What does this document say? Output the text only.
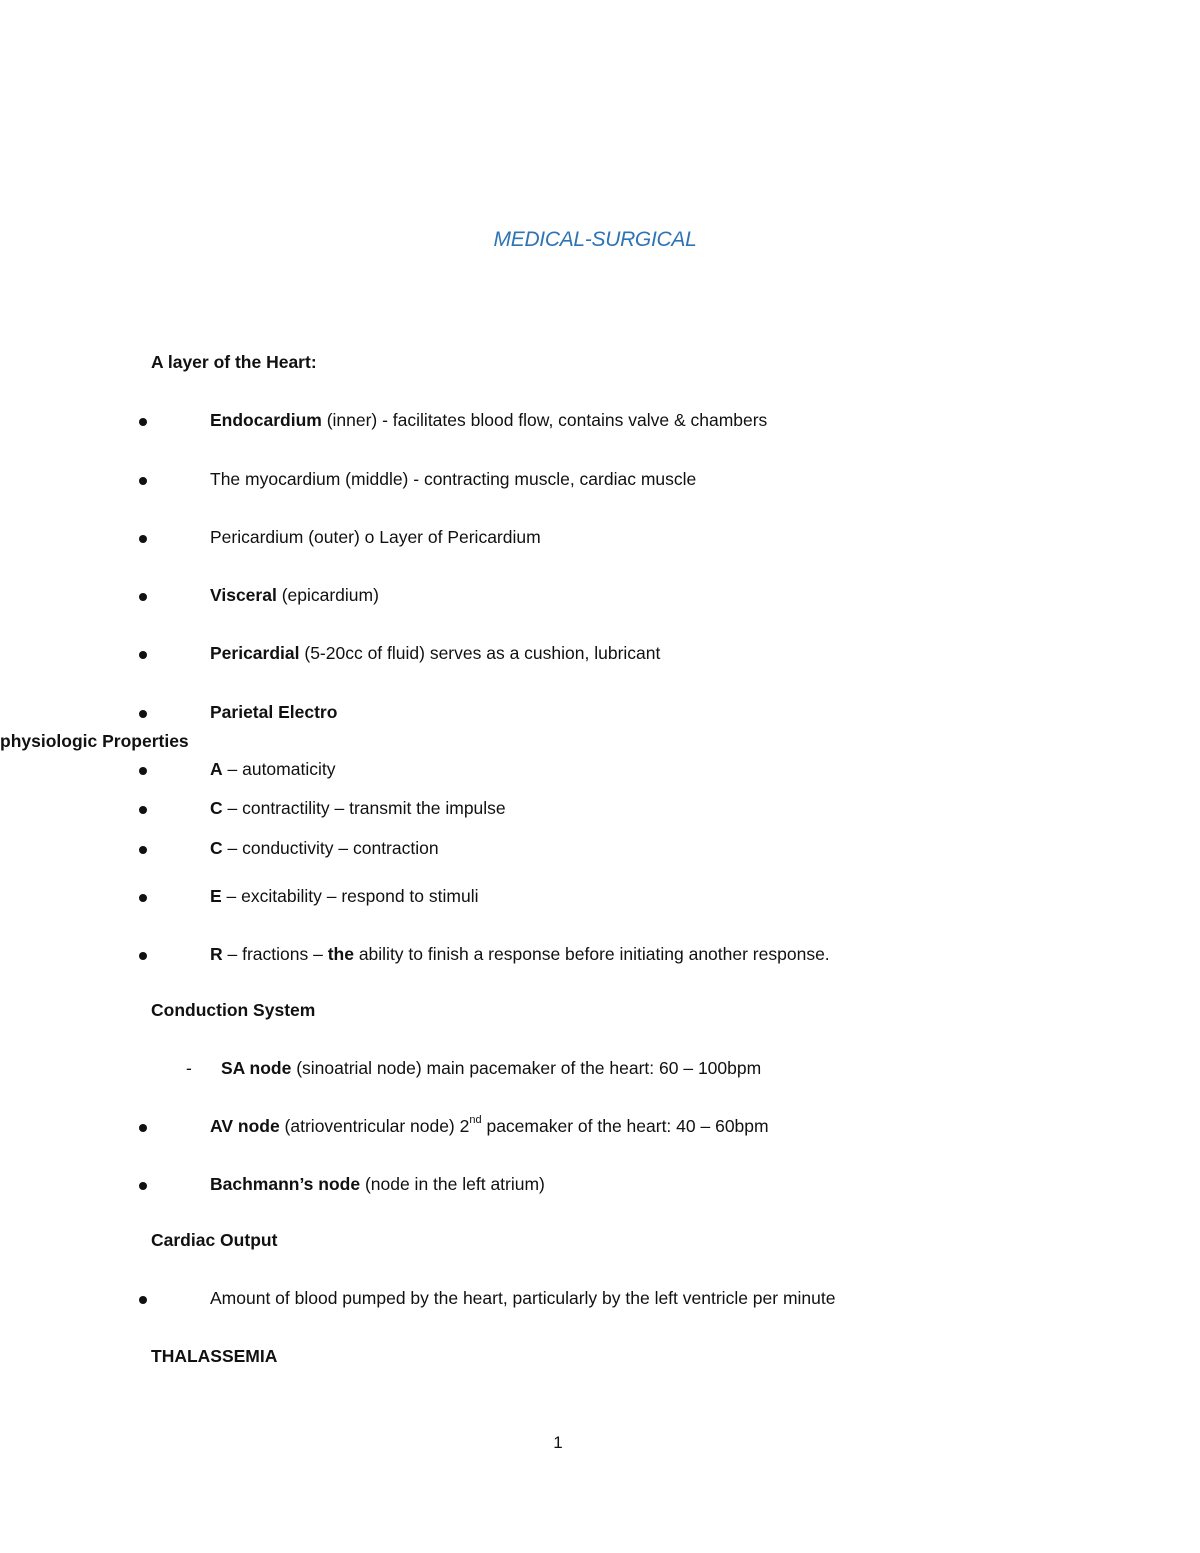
MEDICAL-SURGICAL
A layer of the Heart:
Endocardium (inner) - facilitates blood flow, contains valve & chambers
The myocardium (middle) - contracting muscle, cardiac muscle
Pericardium (outer) o Layer of Pericardium
Visceral (epicardium)
Pericardial (5-20cc of fluid) serves as a cushion, lubricant
Parietal Electro
physiologic Properties
A – automaticity
C – contractility – transmit the impulse
C – conductivity – contraction
E – excitability – respond to stimuli
R – fractions – the ability to finish a response before initiating another response.
Conduction System
- SA node (sinoatrial node) main pacemaker of the heart: 60 – 100bpm
AV node (atrioventricular node) 2nd pacemaker of the heart: 40 – 60bpm
Bachmann’s node (node in the left atrium)
Cardiac Output
Amount of blood pumped by the heart, particularly by the left ventricle per minute
THALASSEMIA
1
